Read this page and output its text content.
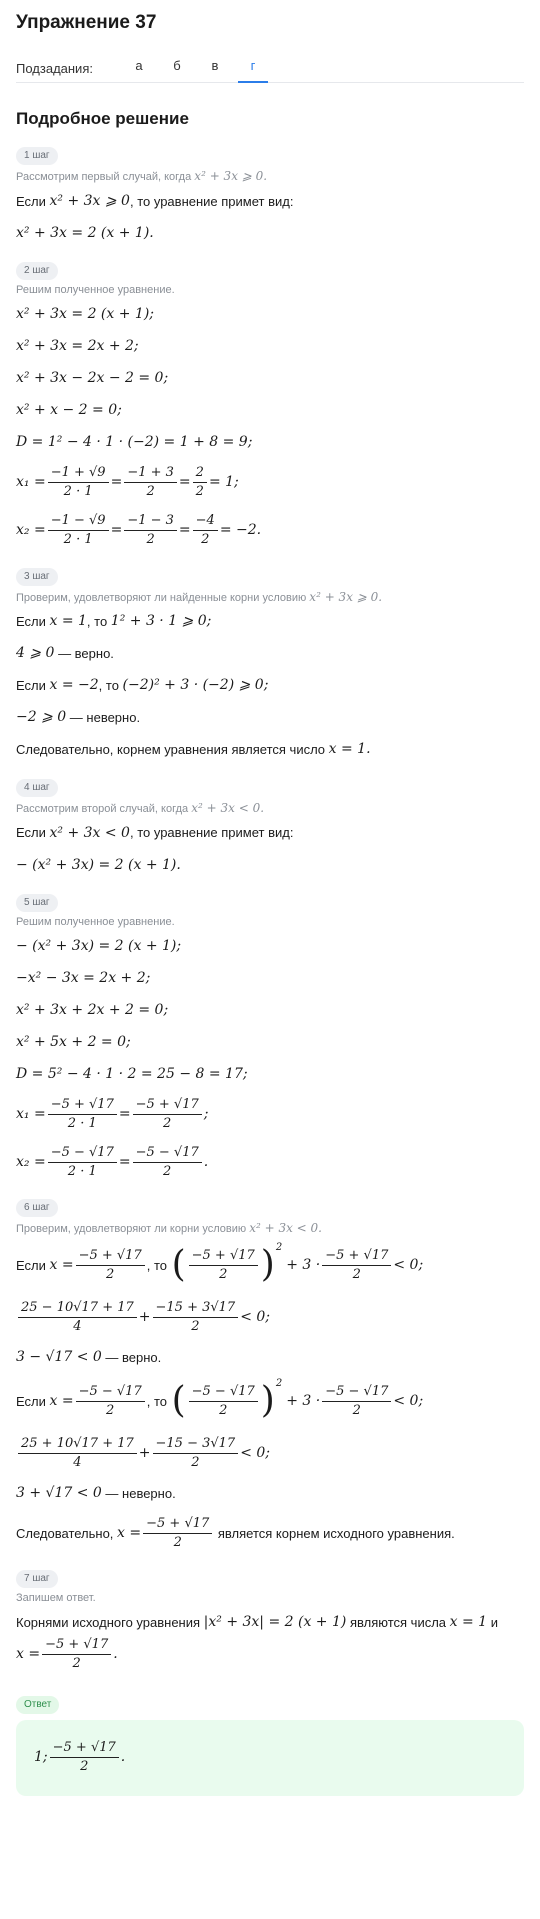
Упражнение 37
Подзадания:	а	б	в	г
Подробное решение
1 шаг
Рассмотрим первый случай, когда x² + 3x ⩾ 0.
Если x² + 3x ⩾ 0 , то уравнение примет вид:
x² + 3x = 2 (x + 1).
2 шаг
Решим полученное уравнение.
x² + 3x = 2 (x + 1);
x² + 3x = 2x + 2;
x² + 3x − 2x − 2 = 0;
x² + x − 2 = 0;
D = 1² − 4 · 1 · (−2) = 1 + 8 = 9;
$x_1 = \frac{-1 + √9}{2 \cdot 1} = \frac{-1 + 3}{2} = \frac{2}{2} = 1$;
$x_2 = \frac{-1 - √9}{2 \cdot 1} = \frac{-1 - 3}{2} = \frac{-4}{2} = -2$.
3 шаг
Проверим, удовлетворяют ли найденные корни условию x² + 3x ⩾ 0.
Если x = 1 , то 1² + 3 · 1 ⩾ 0;
4 ⩾ 0 — верно.
Если x = −2 , то (−2)² + 3 · (−2) ⩾ 0;
−2 ⩾ 0 — неверно.
Следовательно, корнем уравнения является число x = 1.
4 шаг
Рассмотрим второй случай, когда x² + 3x < 0.
Если x² + 3x < 0 , то уравнение примет вид:
− (x² + 3x) = 2 (x + 1).
5 шаг
Решим полученное уравнение.
− (x² + 3x) = 2 (x + 1);
−x² − 3x = 2x + 2;
x² + 3x + 2x + 2 = 0;
x² + 5x + 2 = 0;
D = 5² − 4 · 1 · 2 = 25 − 8 = 17;
$x_1 = \frac{-5 + √17}{2 \cdot 1} = \frac{-5 + √17}{2}$ ;
$x_2 = \frac{-5 - √17}{2 \cdot 1} = \frac{-5 - √17}{2}$ .
6 шаг
Проверим, удовлетворяют ли корни условию x² + 3x < 0.
Если $x = \frac{-5 + √17}{2}$ , то ( $\frac{-5 + √17}{2}$ ) 2
+ $3 \cdot \frac{-5 + √17}{2} < 0$;
$\frac{25 - 10√17 + 17}{4} + \frac{-15 + 3√17}{2} < 0$;
3 − √17 < 0 — верно.
Если $x = \frac{-5 - √17}{2}$ , то ( $\frac{-5 - √17}{2}$ ) 2
+ $3 \cdot \frac{-5 - √17}{2} < 0$;
$\frac{25 + 10√17 + 17}{4} + \frac{-15 - 3√17}{2} < 0$;
3 + √17 < 0 — неверно.
Следовательно, $x = \frac{-5 + √17}{2}$ является корнем исходного уравнения.
7 шаг
Запишем ответ.
Корнями исходного уравнения |x² + 3x| = 2 (x + 1) являются числа x = 1 и
$x = \frac{-5 + √17}{2}$ .
Ответ
1; $\frac{-5 + √17}{2}$ .
